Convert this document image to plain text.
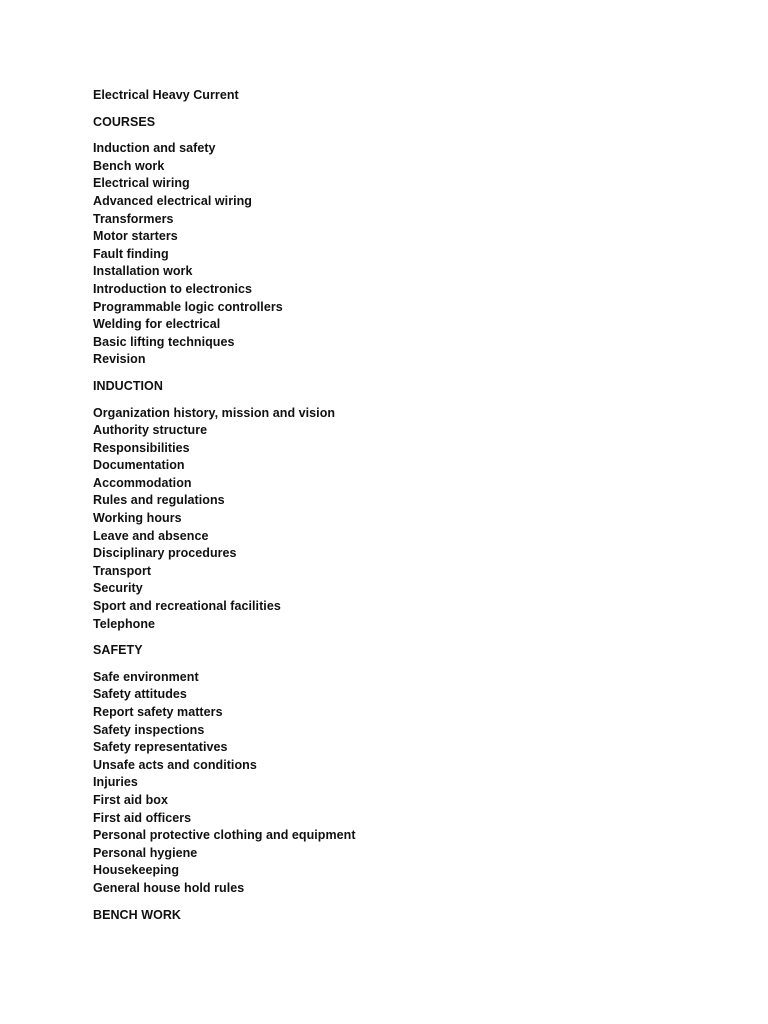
Electrical Heavy Current
COURSES
Induction and safety
Bench work
Electrical wiring
Advanced electrical wiring
Transformers
Motor starters
Fault finding
Installation work
Introduction to electronics
Programmable logic controllers
Welding for electrical
Basic lifting techniques
Revision
INDUCTION
Organization history, mission and vision
Authority structure
Responsibilities
Documentation
Accommodation
Rules and regulations
Working hours
Leave and absence
Disciplinary procedures
Transport
Security
Sport and recreational facilities
Telephone
SAFETY
Safe environment
Safety attitudes
Report safety matters
Safety inspections
Safety representatives
Unsafe acts and conditions
Injuries
First aid box
First aid officers
Personal protective clothing and equipment
Personal hygiene
Housekeeping
General house hold rules
BENCH WORK
